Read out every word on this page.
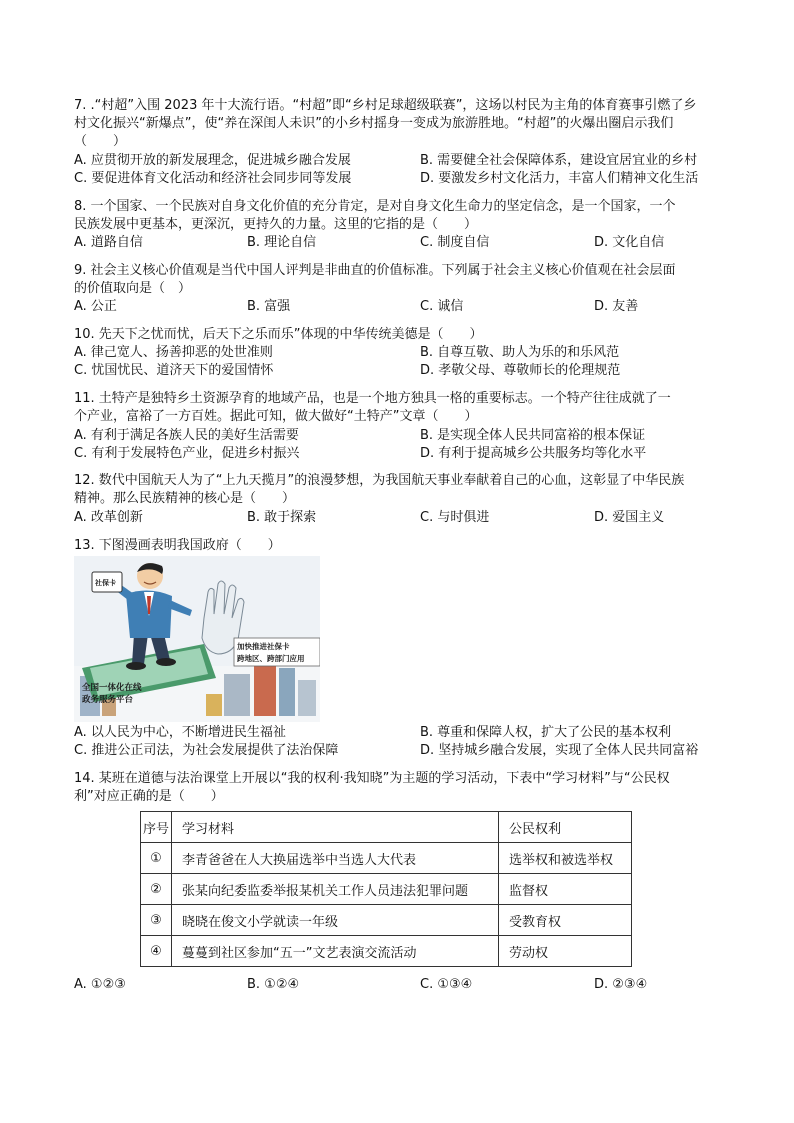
7. .“村超”入围 2023 年十大流行语。“村超”即“乡村足球超级联赛”，这场以村民为主角的体育赛事引燃了乡
村文化振兴“新爆点”，使“养在深闺人未识”的小乡村摇身一变成为旅游胜地。“村超”的火爆出圈启示我们
（　　）
A. 应贯彻开放的新发展理念，促进城乡融合发展	B. 需要健全社会保障体系，建设宜居宜业的乡村
C. 要促进体育文化活动和经济社会同步同等发展	D. 要激发乡村文化活力，丰富人们精神文化生活
8. 一个国家、一个民族对自身文化价值的充分肯定，是对自身文化生命力的坚定信念，是一个国家，一个
民族发展中更基本，更深沉，更持久的力量。这里的它指的是（　　）
A. 道路自信	B. 理论自信	C. 制度自信	D. 文化自信
9. 社会主义核心价值观是当代中国人评判是非曲直的价值标准。下列属于社会主义核心价值观在社会层面
的价值取向是（　）
A. 公正	B. 富强	C. 诚信	D. 友善
10. 先天下之忧而忧，后天下之乐而乐”体现的中华传统美德是（　　）
A. 律己宽人、扬善抑恶的处世准则	B. 自尊互敬、助人为乐的和乐风范
C. 忧国忧民、道济天下的爱国情怀	D. 孝敬父母、尊敬师长的伦理规范
11. 土特产是独特乡土资源孕育的地域产品，也是一个地方独具一格的重要标志。一个特产往往成就了一
个产业，富裕了一方百姓。据此可知，做大做好“土特产”文章（　　）
A. 有利于满足各族人民的美好生活需要	B. 是实现全体人民共同富裕的根本保证
C. 有利于发展特色产业，促进乡村振兴	D. 有利于提高城乡公共服务均等化水平
12. 数代中国航天人为了“上九天揽月”的浪漫梦想，为我国航天事业奉献着自己的心血，这彰显了中华民族
精神。那么民族精神的核心是（　　）
A. 改革创新	B. 敢于探索	C. 与时俱进	D. 爱国主义
13. 下图漫画表明我国政府（　　）
全国一体化在线
政务服务平台
社保卡
加快推进社保卡
跨地区、跨部门应用
A. 以人民为中心，不断增进民生福祉	B. 尊重和保障人权，扩大了公民的基本权利
C. 推进公正司法，为社会发展提供了法治保障	D. 坚持城乡融合发展，实现了全体人民共同富裕
14. 某班在道德与法治课堂上开展以“我的权利·我知晓”为主题的学习活动，下表中“学习材料”与“公民权
利”对应正确的是（　　）
序号	学习材料	公民权利
①	李青爸爸在人大换届选举中当选人大代表	选举权和被选举权
②	张某向纪委监委举报某机关工作人员违法犯罪问题	监督权
③	晓晓在俊文小学就读一年级	受教育权
④	蔓蔓到社区参加“五一”文艺表演交流活动	劳动权
A. ①②③	B. ①②④	C. ①③④	D. ②③④
